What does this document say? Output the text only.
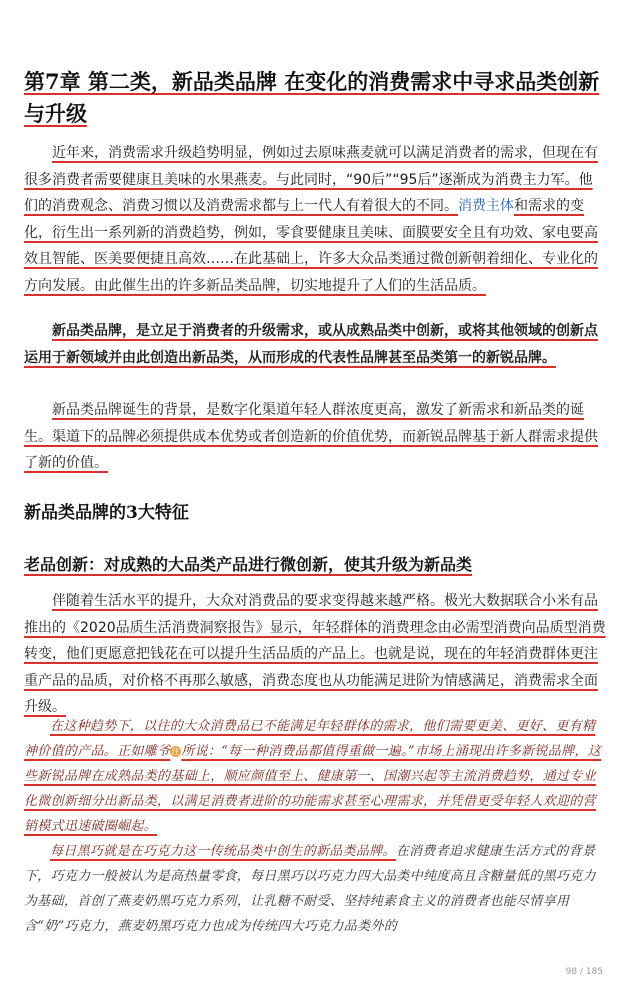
第7章 第二类，新品类品牌 在变化的消费需求中寻求品类创新与升级

近年来，消费需求升级趋势明显，例如过去原味燕麦就可以满足消费者的需求，但现在有很多消费者需要健康且美味的水果燕麦。与此同时，“90后”“95后”逐渐成为消费主力军。他们的消费观念、消费习惯以及消费需求都与上一代人有着很大的不同。消费主体和需求的变化，衍生出一系列新的消费趋势，例如，零食要健康且美味、面膜要安全且有功效、家电要高效且智能、医美要便捷且高效……在此基础上，许多大众品类通过微创新朝着细化、专业化的方向发展。由此催生出的许多新品类品牌，切实地提升了人们的生活品质。

新品类品牌，是立足于消费者的升级需求，或从成熟品类中创新，或将其他领域的创新点运用于新领域并由此创造出新品类，从而形成的代表性品牌甚至品类第一的新锐品牌。

新品类品牌诞生的背景，是数字化渠道年轻人群浓度更高，激发了新需求和新品类的诞生。渠道下的品牌必须提供成本优势或者创造新的价值优势，而新锐品牌基于新人群需求提供了新的价值。

新品类品牌的3大特征
老品创新：对成熟的大品类产品进行微创新，使其升级为新品类

伴随着生活水平的提升，大众对消费品的要求变得越来越严格。极光大数据联合小米有品推出的《2020品质生活消费洞察报告》显示，年轻群体的消费理念由必需型消费向品质型消费转变，他们更愿意把钱花在可以提升生活品质的产品上。也就是说，现在的年轻消费群体更注重产品的品质，对价格不再那么敏感，消费态度也从功能满足进阶为情感满足，消费需求全面升级。

在这种趋势下，以往的大众消费品已不能满足年轻群体的需求，他们需要更美、更好、更有精神价值的产品。正如雕爷注所说：“每一种消费品都值得重做一遍。”市场上涌现出许多新锐品牌，这些新锐品牌在成熟品类的基础上，顺应颜值至上、健康第一、国潮兴起等主流消费趋势，通过专业化微创新细分出新品类，以满足消费者进阶的功能需求甚至心理需求，并凭借更受年轻人欢迎的营销模式迅速破圈崛起。

每日黑巧就是在巧克力这一传统品类中创生的新品类品牌。在消费者追求健康生活方式的背景下，巧克力一般被认为是高热量零食，每日黑巧以巧克力四大品类中纯度高且含糖量低的黑巧克力为基础，首创了燕麦奶黑巧克力系列，让乳糖不耐受、坚持纯素食主义的消费者也能尽情享用含“奶”巧克力，燕麦奶黑巧克力也成为传统四大巧克力品类外的

98 / 185
